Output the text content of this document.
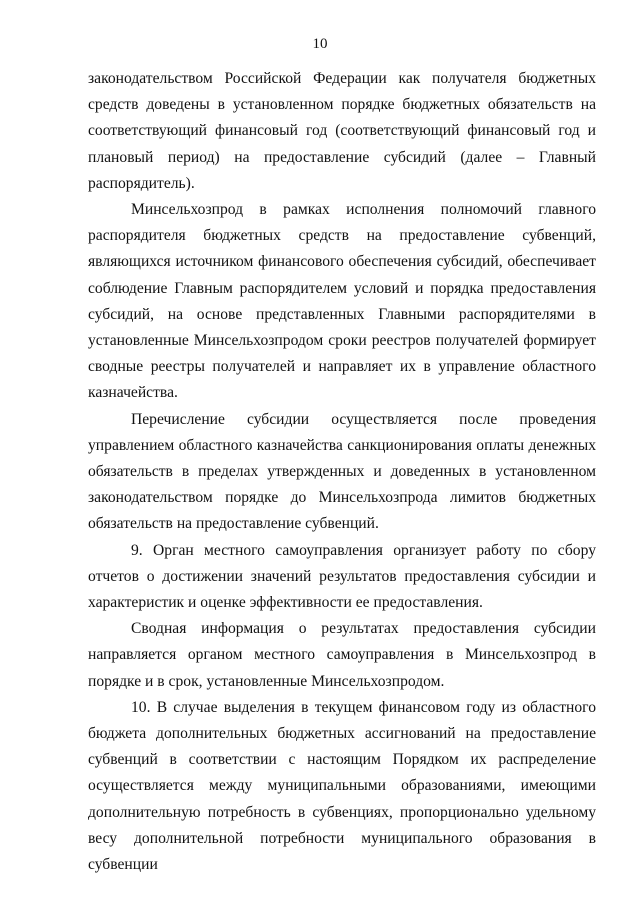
10

законодательством Российской Федерации как получателя бюджетных средств доведены в установленном порядке бюджетных обязательств на соответствующий финансовый год (соответствующий финансовый год и плановый период) на предоставление субсидий (далее – Главный распорядитель).

Минсельхозпрод в рамках исполнения полномочий главного распорядителя бюджетных средств на предоставление субвенций, являющихся источником финансового обеспечения субсидий, обеспечивает соблюдение Главным распорядителем условий и порядка предоставления субсидий, на основе представленных Главными распорядителями в установленные Минсельхозпродом сроки реестров получателей формирует сводные реестры получателей и направляет их в управление областного казначейства.

Перечисление субсидии осуществляется после проведения управлением областного казначейства санкционирования оплаты денежных обязательств в пределах утвержденных и доведенных в установленном законодательством порядке до Минсельхозпрода лимитов бюджетных обязательств на предоставление субвенций.

9. Орган местного самоуправления организует работу по сбору отчетов о достижении значений результатов предоставления субсидии и характеристик и оценке эффективности ее предоставления.

Сводная информация о результатах предоставления субсидии направляется органом местного самоуправления в Минсельхозпрод в порядке и в срок, установленные Минсельхозпродом.

10. В случае выделения в текущем финансовом году из областного бюджета дополнительных бюджетных ассигнований на предоставление субвенций в соответствии с настоящим Порядком их распределение осуществляется между муниципальными образованиями, имеющими дополнительную потребность в субвенциях, пропорционально удельному весу дополнительной потребности муниципального образования в субвенции
